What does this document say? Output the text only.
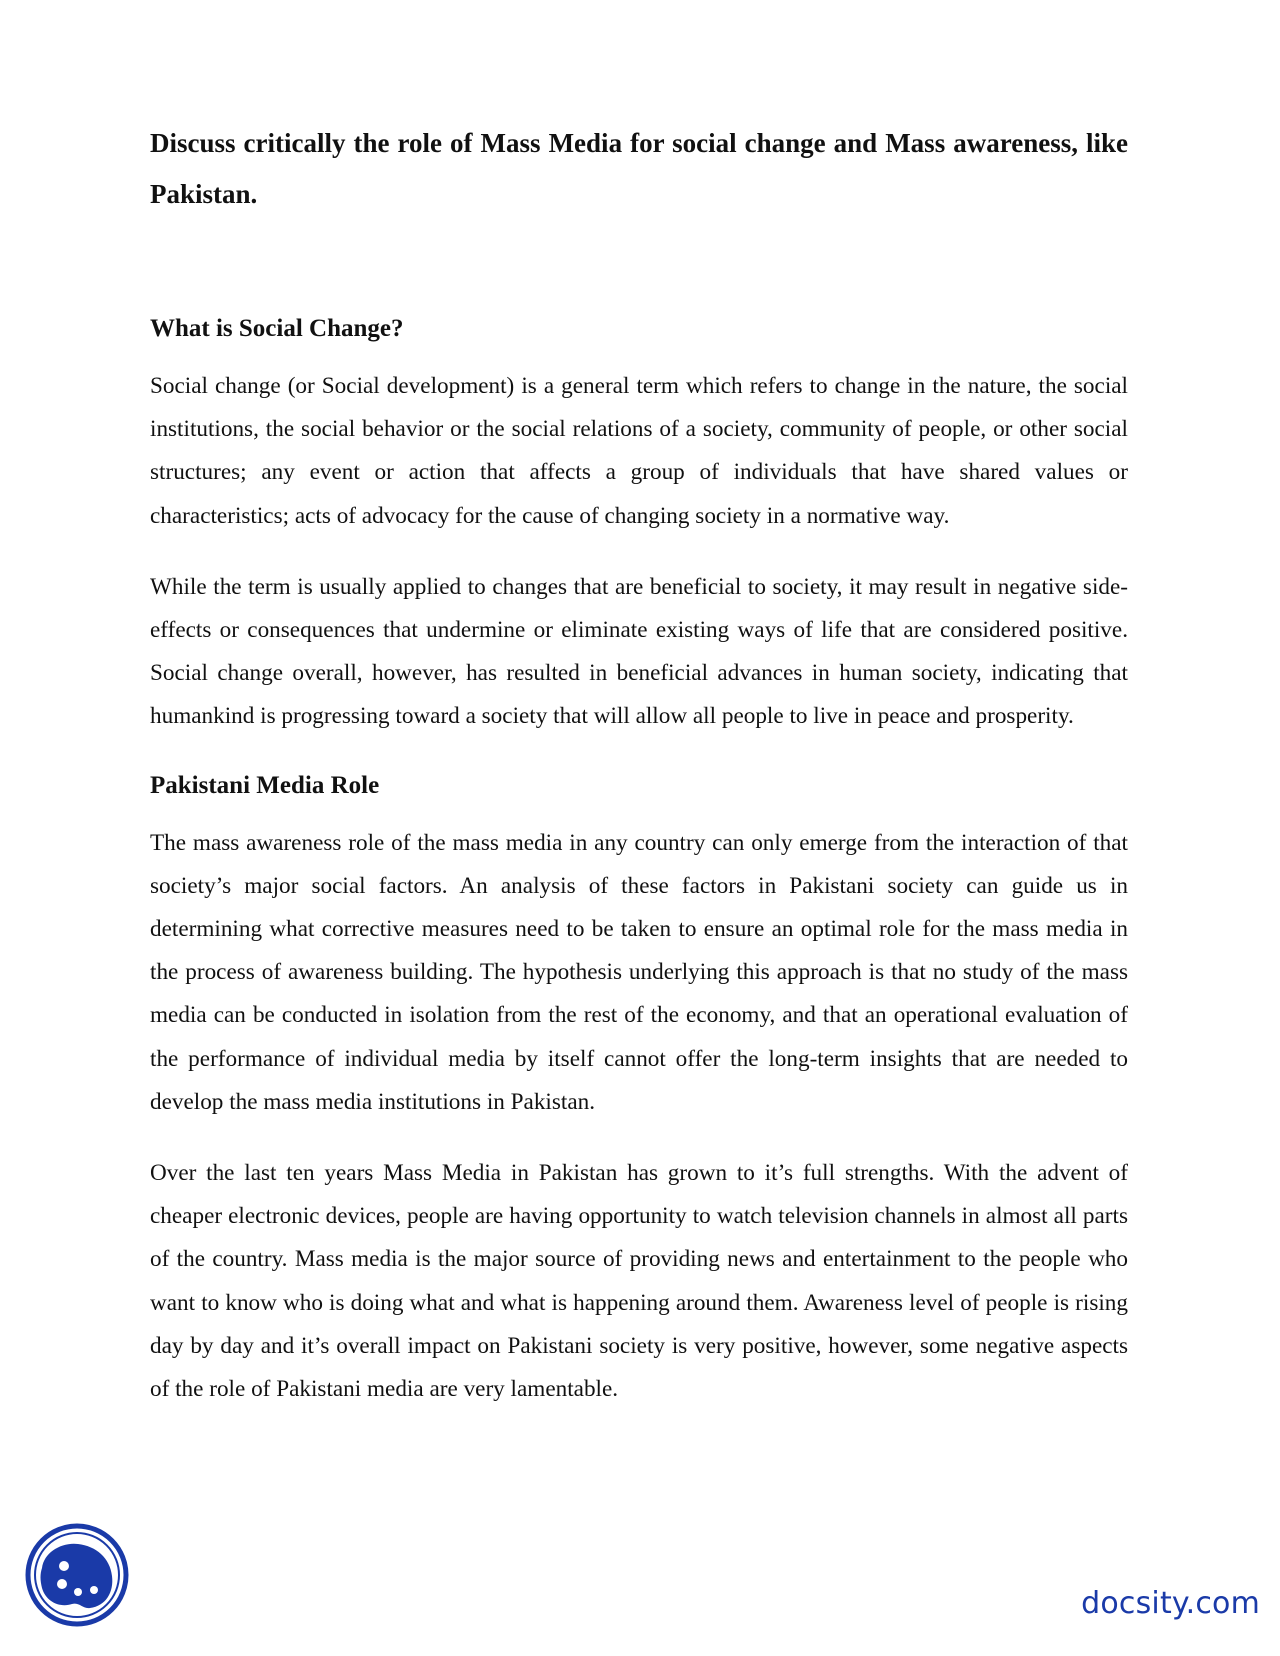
Discuss critically the role of Mass Media for social change and Mass awareness, like Pakistan.
What is Social Change?

Social change (or Social development) is a general term which refers to change in the nature, the social institutions, the social behavior or the social relations of a society, community of people, or other social structures; any event or action that affects a group of individuals that have shared values or characteristics; acts of advocacy for the cause of changing society in a normative way.

While the term is usually applied to changes that are beneficial to society, it may result in negative side-effects or consequences that undermine or eliminate existing ways of life that are considered positive. Social change overall, however, has resulted in beneficial advances in human society, indicating that humankind is progressing toward a society that will allow all people to live in peace and prosperity.

Pakistani Media Role

The mass awareness role of the mass media in any country can only emerge from the interaction of that society’s major social factors. An analysis of these factors in Pakistani society can guide us in determining what corrective measures need to be taken to ensure an optimal role for the mass media in the process of awareness building. The hypothesis underlying this approach is that no study of the mass media can be conducted in isolation from the rest of the economy, and that an operational evaluation of the performance of individual media by itself cannot offer the long-term insights that are needed to develop the mass media institutions in Pakistan.

Over the last ten years Mass Media in Pakistan has grown to it’s full strengths. With the advent of cheaper electronic devices, people are having opportunity to watch television channels in almost all parts of the country. Mass media is the major source of providing news and entertainment to the people who want to know who is doing what and what is happening around them. Awareness level of people is rising day by day and it’s overall impact on Pakistani society is very positive, however, some negative aspects of the role of Pakistani media are very lamentable.

docsity.com
